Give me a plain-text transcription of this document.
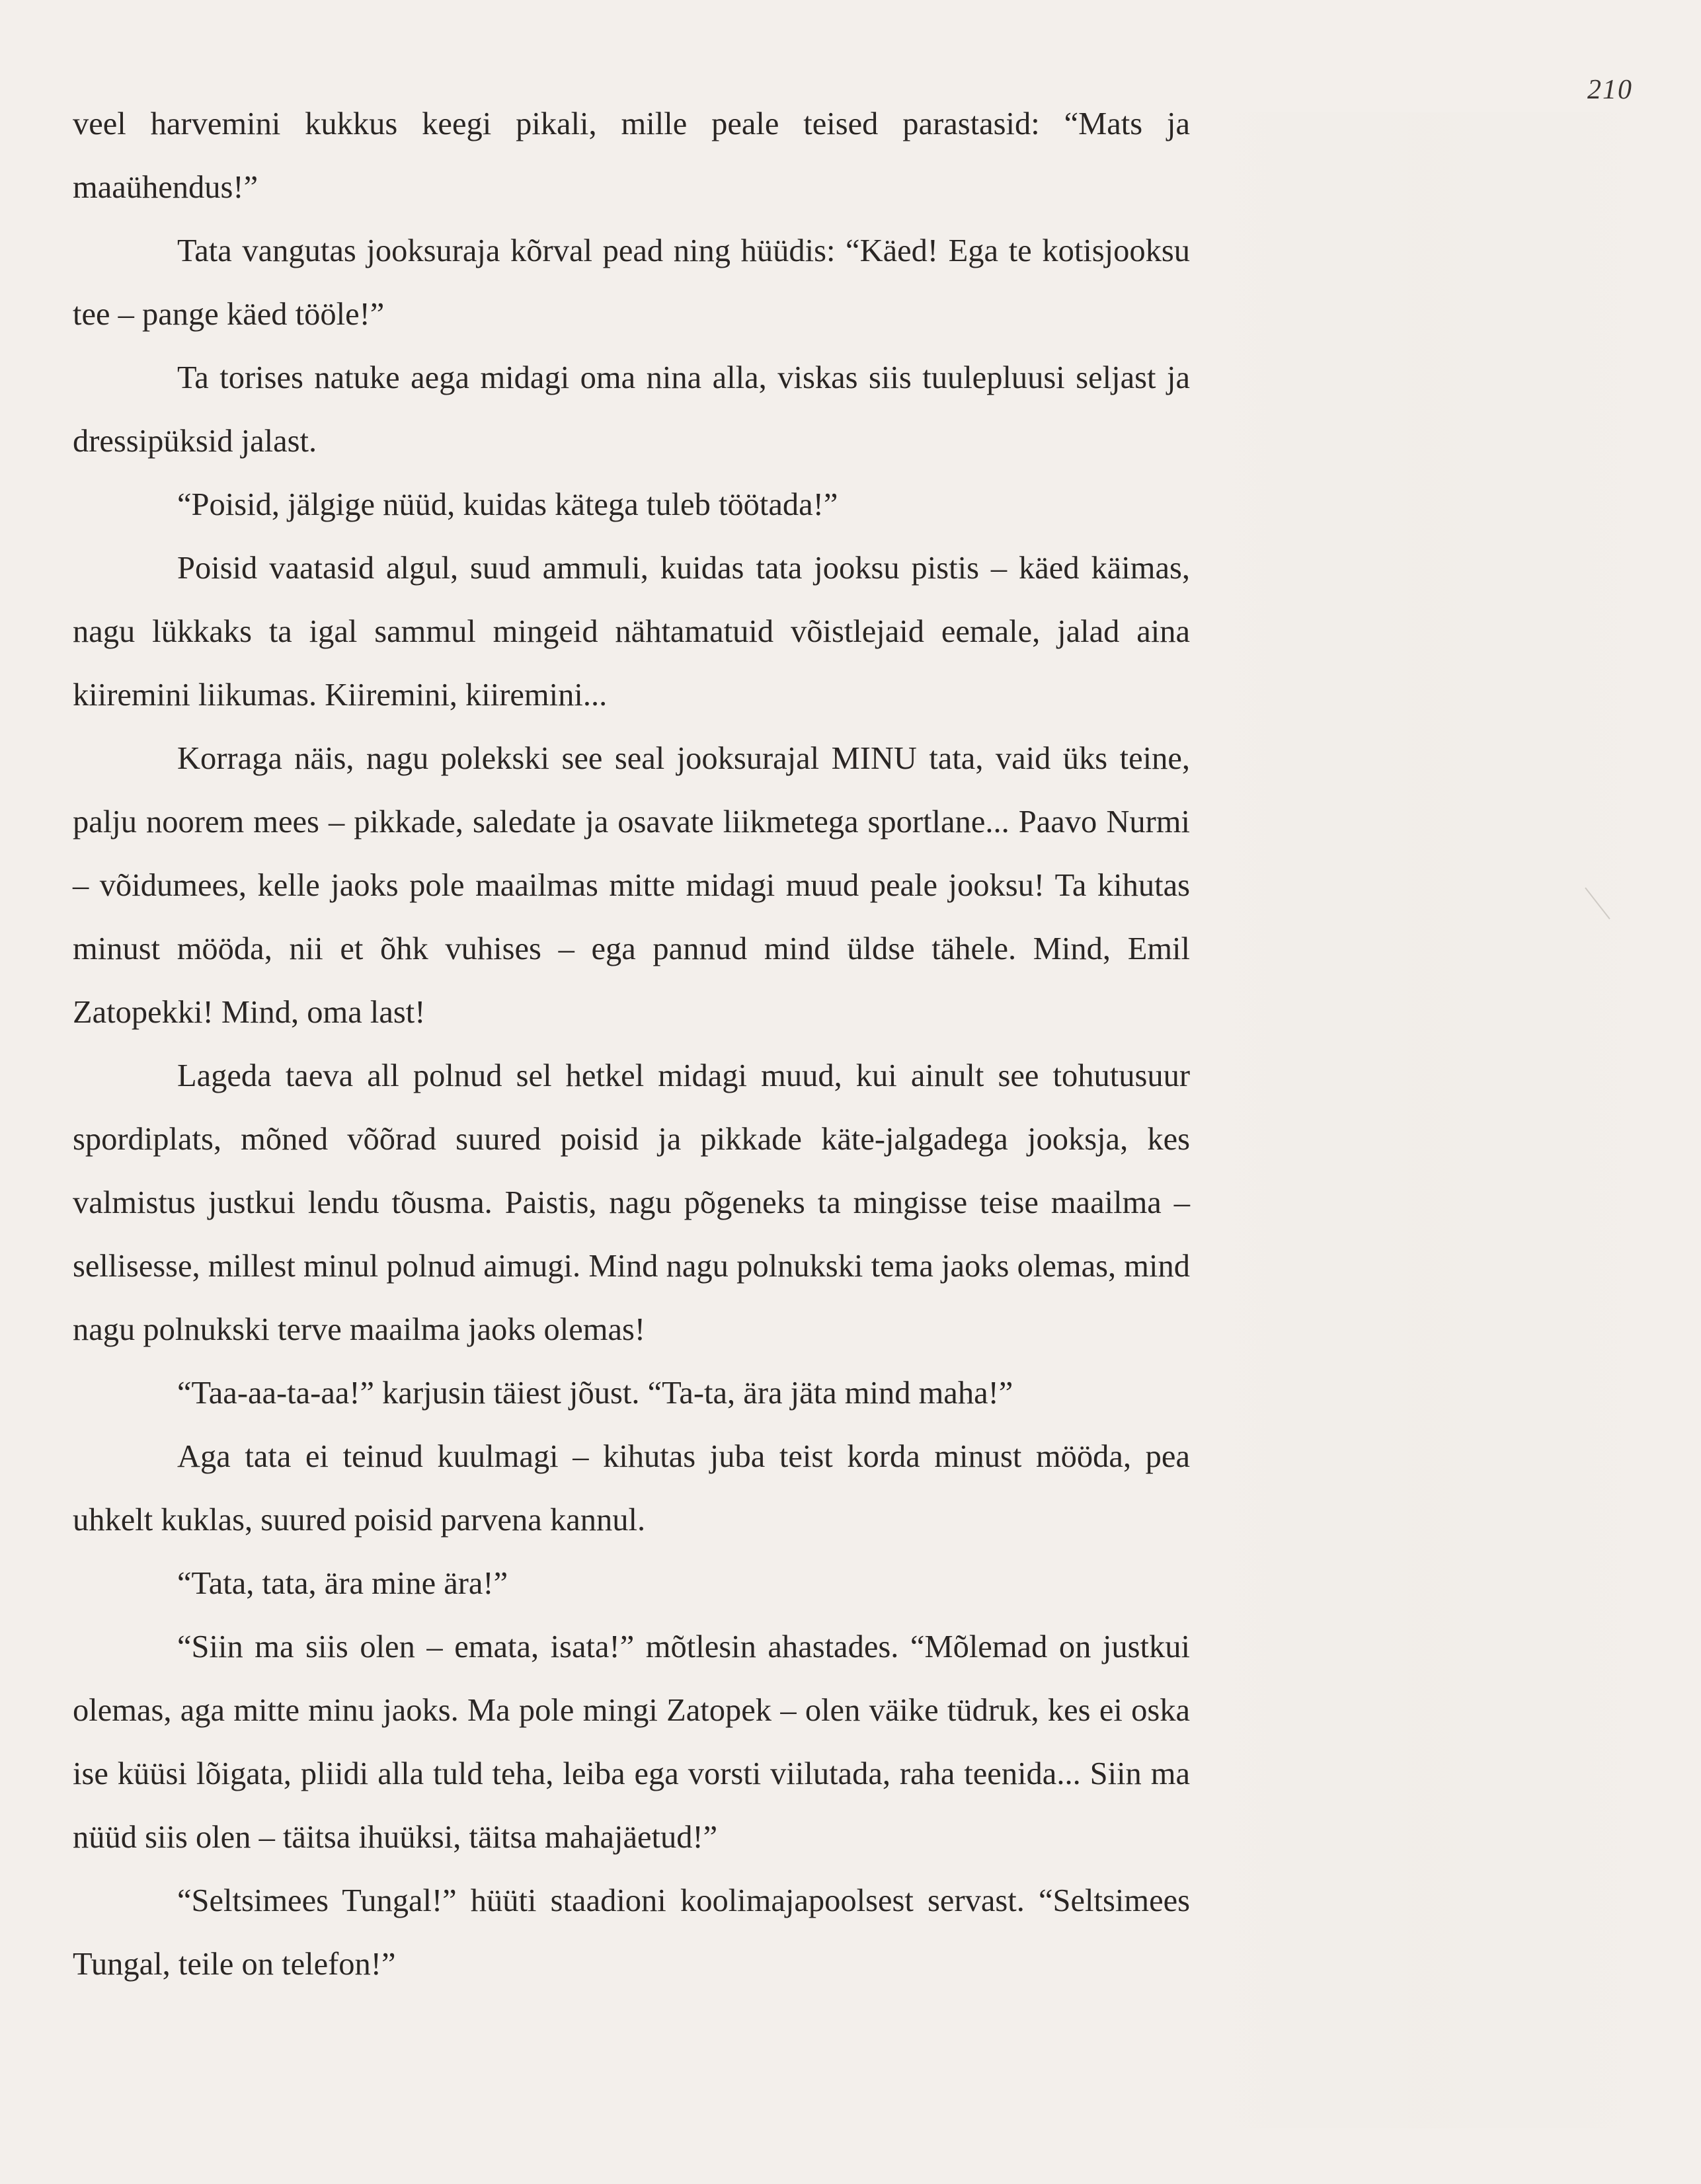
210

veel harvemini kukkus keegi pikali, mille peale teised parastasid: “Mats ja maaühendus!”

Tata vangutas jooksuraja kõrval pead ning hüüdis: “Käed! Ega te kotisjooksu tee – pange käed tööle!”

Ta torises natuke aega midagi oma nina alla, viskas siis tuulepluusi seljast ja dressipüksid jalast.

“Poisid, jälgige nüüd, kuidas kätega tuleb töötada!”

Poisid vaatasid algul, suud ammuli, kuidas tata jooksu pistis – käed käimas, nagu lükkaks ta igal sammul mingeid nähtamatuid võistlejaid eemale, jalad aina kiiremini liikumas. Kiiremini, kiiremini...

Korraga näis, nagu polekski see seal jooksurajal MINU tata, vaid üks teine, palju noorem mees – pikkade, saledate ja osavate liikmetega sportlane... Paavo Nurmi – võidumees, kelle jaoks pole maailmas mitte midagi muud peale jooksu! Ta kihutas minust mööda, nii et õhk vuhises – ega pannud mind üldse tähele. Mind, Emil Zatopekki! Mind, oma last!

Lageda taeva all polnud sel hetkel midagi muud, kui ainult see tohutusuur spordiplats, mõned võõrad suured poisid ja pikkade käte-jalgadega jooksja, kes valmistus justkui lendu tõusma. Paistis, nagu põgeneks ta mingisse teise maailma – sellisesse, millest minul polnud aimugi. Mind nagu polnukski tema jaoks olemas, mind nagu polnukski terve maailma jaoks olemas!

“Taa-aa-ta-aa!” karjusin täiest jõust. “Ta-ta, ära jäta mind maha!”

Aga tata ei teinud kuulmagi – kihutas juba teist korda minust mööda, pea uhkelt kuklas, suured poisid parvena kannul.

“Tata, tata, ära mine ära!”

“Siin ma siis olen – emata, isata!” mõtlesin ahastades. “Mõlemad on justkui olemas, aga mitte minu jaoks. Ma pole mingi Zatopek – olen väike tüdruk, kes ei oska ise küüsi lõigata, pliidi alla tuld teha, leiba ega vorsti viilutada, raha teenida... Siin ma nüüd siis olen – täitsa ihuüksi, täitsa mahajäetud!”

“Seltsimees Tungal!” hüüti staadioni koolimajapoolsest servast. “Seltsimees Tungal, teile on telefon!”
